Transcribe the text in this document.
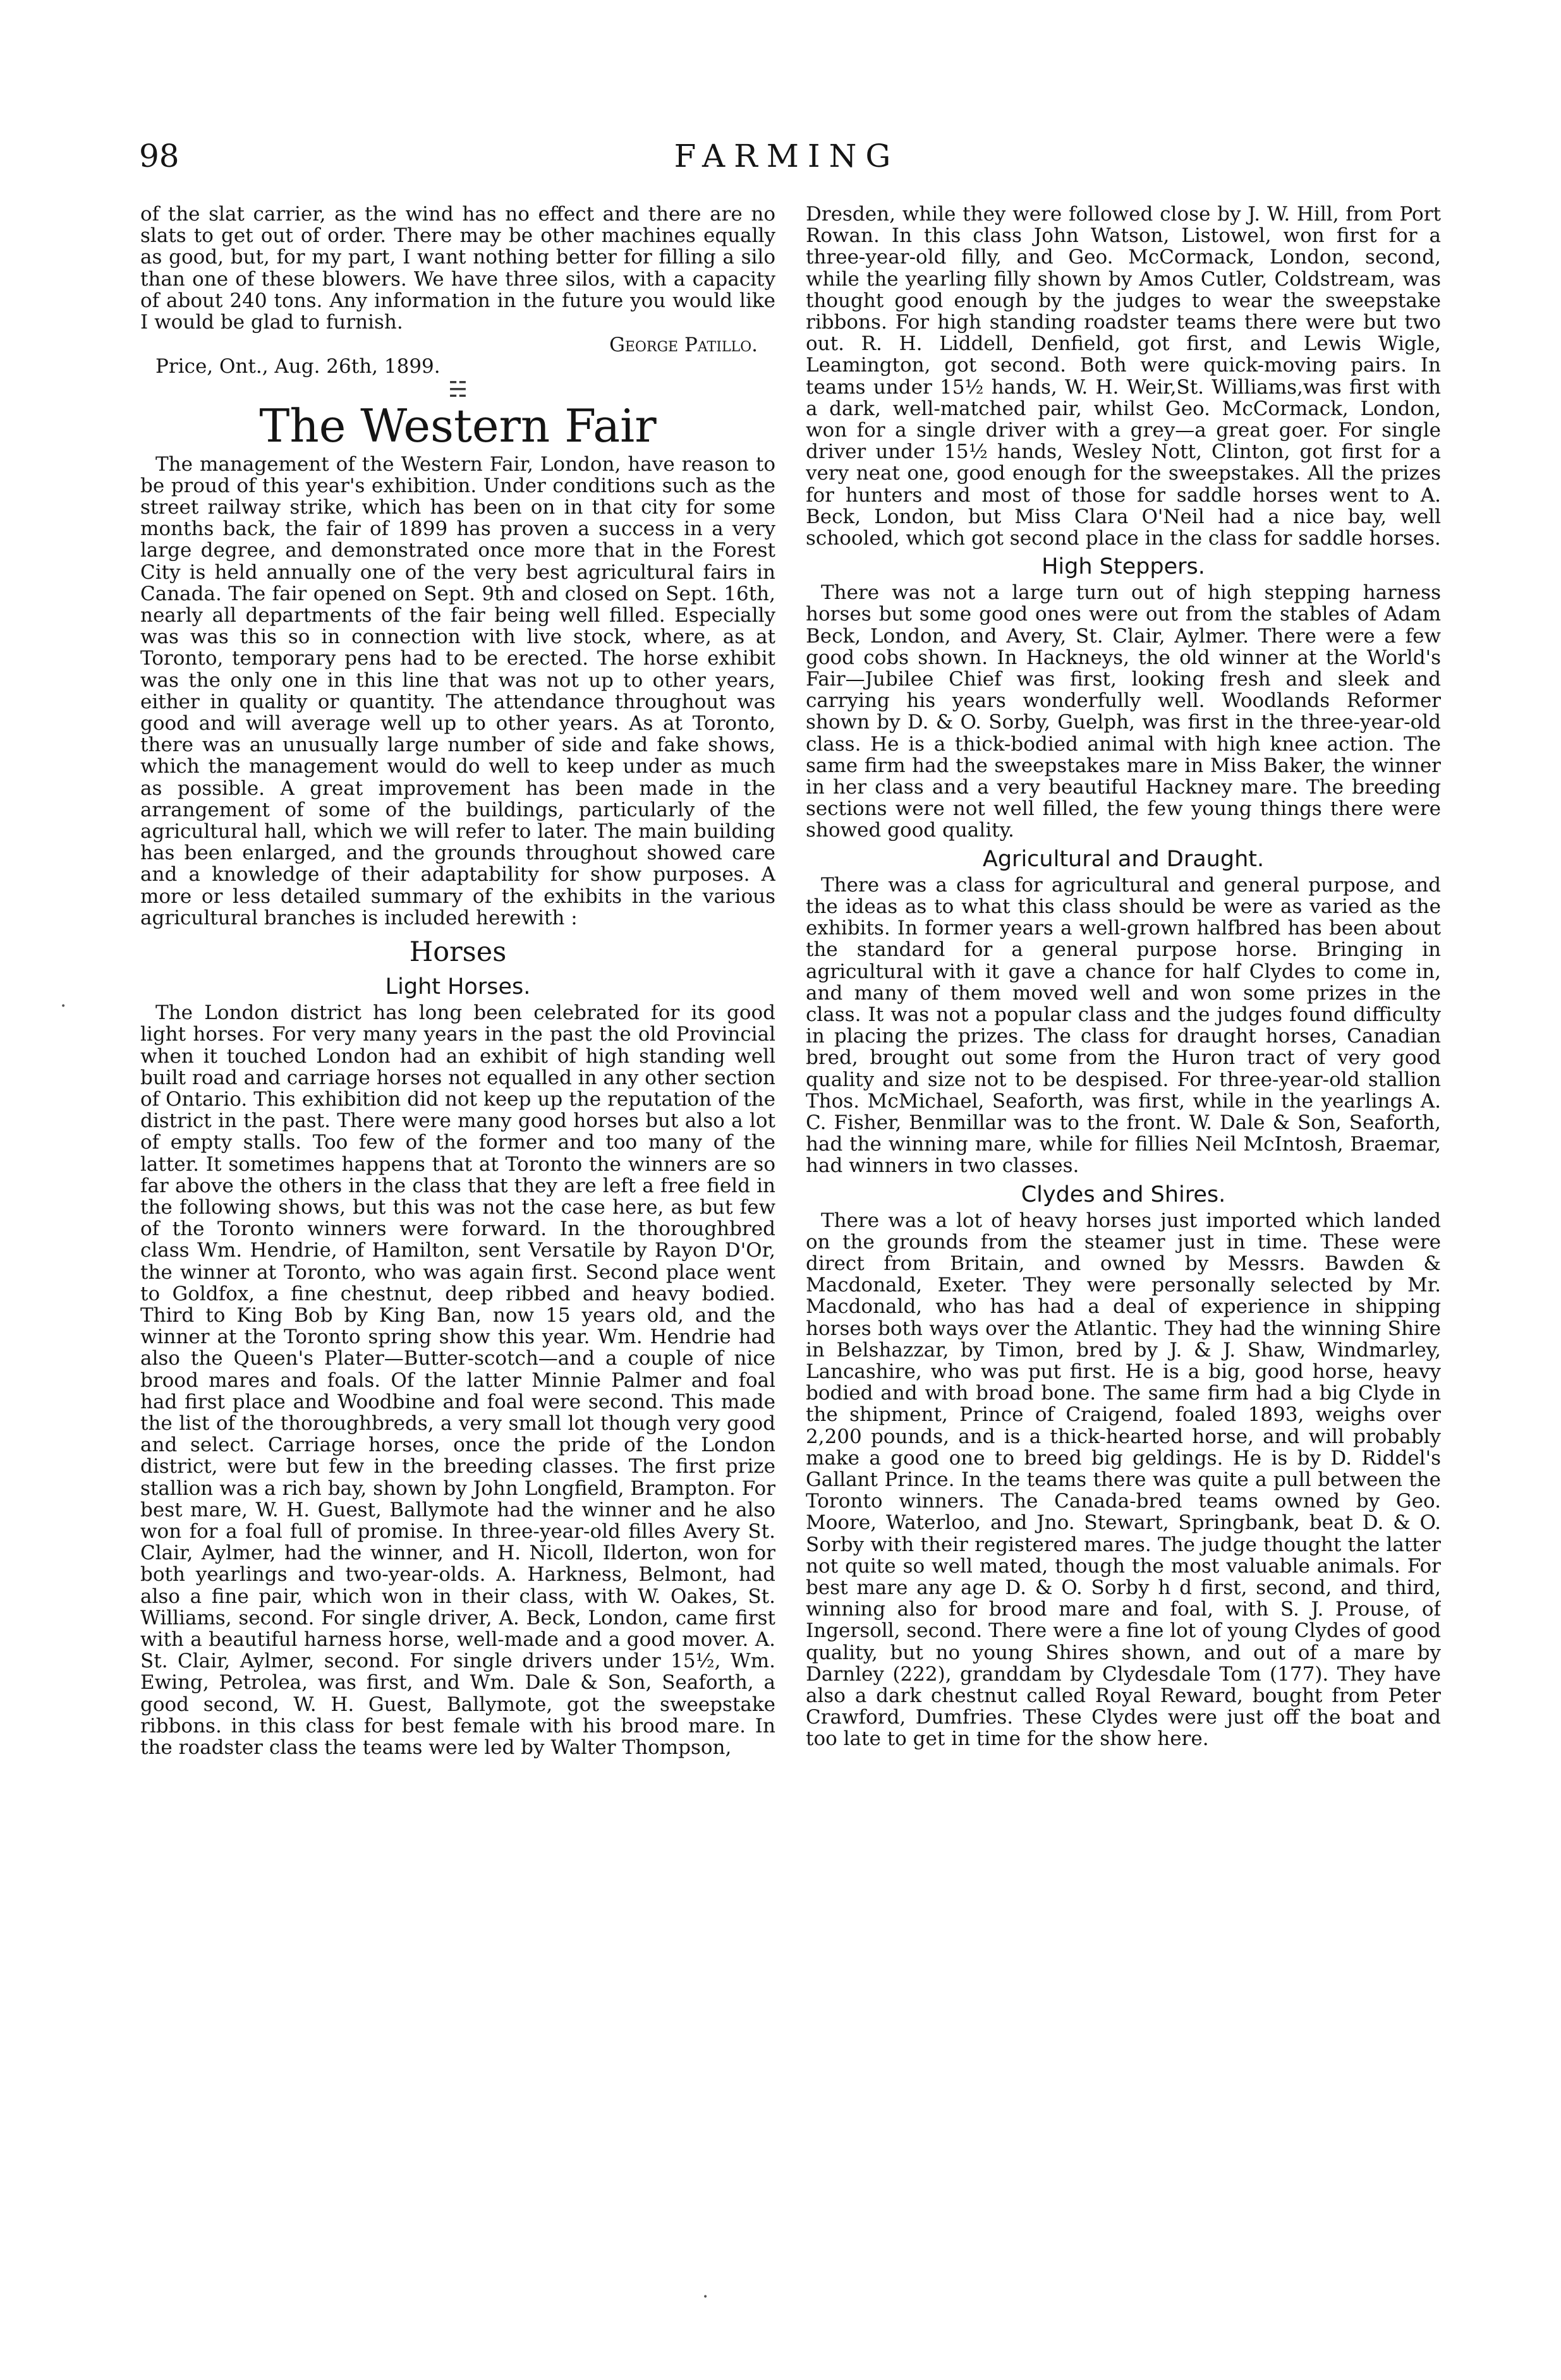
98	FARMING

of the slat carrier, as the wind has no effect and there are no slats to get out of order. There may be other machines equally as good, but, for my part, I want nothing better for filling a silo than one of these blowers. We have three silos, with a capacity of about 240 tons. Any information in the future you would like I would be glad to furnish.

George Patillo.
Price, Ont., Aug. 26th, 1899.
☵
The Western Fair

The management of the Western Fair, London, have reason to be proud of this year's exhibition. Under conditions such as the street railway strike, which has been on in that city for some months back, the fair of 1899 has proven a success in a very large degree, and demonstrated once more that in the Forest City is held annually one of the very best agricultural fairs in Canada. The fair opened on Sept. 9th and closed on Sept. 16th, nearly all departments of the fair being well filled. Especially was was this so in connection with live stock, where, as at Toronto, temporary pens had to be erected. The horse exhibit was the only one in this line that was not up to other years, either in quality or quantity. The attendance throughout was good and will average well up to other years. As at Toronto, there was an unusually large number of side and fake shows, which the management would do well to keep under as much as possible. A great improvement has been made in the arrangement of some of the buildings, particularly of the agricultural hall, which we will refer to later. The main building has been enlarged, and the grounds throughout showed care and a knowledge of their adaptability for show purposes. A more or less detailed summary of the exhibits in the various agricultural branches is included herewith :

Horses
Light Horses.

The London district has long been celebrated for its good light horses. For very many years in the past the old Provincial when it touched London had an exhibit of high standing well built road and carriage horses not equalled in any other section of Ontario. This exhibition did not keep up the reputation of the district in the past. There were many good horses but also a lot of empty stalls. Too few of the former and too many of the latter. It sometimes happens that at Toronto the winners are so far above the others in the class that they are left a free field in the following shows, but this was not the case here, as but few of the Toronto winners were forward. In the thoroughbred class Wm. Hendrie, of Hamilton, sent Versatile by Rayon D'Or, the winner at Toronto, who was again first. Second place went to Goldfox, a fine chestnut, deep ribbed and heavy bodied. Third to King Bob by King Ban, now 15 years old, and the winner at the Toronto spring show this year. Wm. Hendrie had also the Queen's Plater—Butter-scotch—and a couple of nice brood mares and foals. Of the latter Minnie Palmer and foal had first place and Woodbine and foal were second. This made the list of the thoroughbreds, a very small lot though very good and select. Carriage horses, once the pride of the London district, were but few in the breeding classes. The first prize stallion was a rich bay, shown by John Longfield, Brampton. For best mare, W. H. Guest, Ballymote had the winner and he also won for a foal full of promise. In three-year-old filles Avery St. Clair, Aylmer, had the winner, and H. Nicoll, Ilderton, won for both yearlings and two-year-olds. A. Harkness, Belmont, had also a fine pair, which won in their class, with W. Oakes, St. Williams, second. For single driver, A. Beck, London, came first with a beautiful harness horse, well-made and a good mover. A. St. Clair, Aylmer, second. For single drivers under 15½, Wm. Ewing, Petrolea, was first, and Wm. Dale & Son, Seaforth, a good second, W. H. Guest, Ballymote, got the sweepstake ribbons. in this class for best female with his brood mare. In the roadster class the teams were led by Walter Thompson,

Dresden, while they were followed close by J. W. Hill, from Port Rowan. In this class John Watson, Listowel, won first for a three-year-old filly, and Geo. McCormack, London, second, while the yearling filly shown by Amos Cutler, Coldstream, was thought good enough by the judges to wear the sweepstake ribbons. For high standing roadster teams there were but two out. R. H. Liddell, Denfield, got first, and Lewis Wigle, Leamington, got second. Both were quick-moving pairs. In teams under 15½ hands, W. H. Weir,St. Williams,was first with a dark, well-matched pair, whilst Geo. McCormack, London, won for a single driver with a grey—a great goer. For single driver under 15½ hands, Wesley Nott, Clinton, got first for a very neat one, good enough for the sweepstakes. All the prizes for hunters and most of those for saddle horses went to A. Beck, London, but Miss Clara O'Neil had a nice bay, well schooled, which got second place in the class for saddle horses.

High Steppers.

There was not a large turn out of high stepping harness horses but some good ones were out from the stables of Adam Beck, London, and Avery, St. Clair, Aylmer. There were a few good cobs shown. In Hackneys, the old winner at the World's Fair—Jubilee Chief was first, looking fresh and sleek and carrying his years wonderfully well. Woodlands Reformer shown by D. & O. Sorby, Guelph, was first in the three-year-old class. He is a thick-bodied animal with high knee action. The same firm had the sweepstakes mare in Miss Baker, the winner in her class and a very beautiful Hackney mare. The breeding sections were not well filled, the few young things there were showed good quality.

Agricultural and Draught.

There was a class for agricultural and general purpose, and the ideas as to what this class should be were as varied as the exhibits. In former years a well-grown halfbred has been about the standard for a general purpose horse. Bringing in agricultural with it gave a chance for half Clydes to come in, and many of them moved well and won some prizes in the class. It was not a popular class and the judges found difficulty in placing the prizes. The class for draught horses, Canadian bred, brought out some from the Huron tract of very good quality and size not to be despised. For three-year-old stallion Thos. McMichael, Seaforth, was first, while in the yearlings A. C. Fisher, Benmillar was to the front. W. Dale & Son, Seaforth, had the winning mare, while for fillies Neil McIntosh, Braemar, had winners in two classes.

Clydes and Shires.

There was a lot of heavy horses just imported which landed on the grounds from the steamer just in time. These were direct from Britain, and owned by Messrs. Bawden & Macdonald, Exeter. They were personally selected by Mr. Macdonald, who has had a deal of experience in shipping horses both ways over the Atlantic. They had the winning Shire in Belshazzar, by Timon, bred by J. & J. Shaw, Windmarley, Lancashire, who was put first. He is a big, good horse, heavy bodied and with broad bone. The same firm had a big Clyde in the shipment, Prince of Craigend, foaled 1893, weighs over 2,200 pounds, and is a thick-hearted horse, and will probably make a good one to breed big geldings. He is by D. Riddel's Gallant Prince. In the teams there was quite a pull between the Toronto winners. The Canada-bred teams owned by Geo. Moore, Waterloo, and Jno. Stewart, Springbank, beat D. & O. Sorby with their registered mares. The judge thought the latter not quite so well mated, though the most valuable animals. For best mare any age D. & O. Sorby h d first, second, and third, winning also for brood mare and foal, with S. J. Prouse, of Ingersoll, second. There were a fine lot of young Clydes of good quality, but no young Shires shown, and out of a mare by Darnley (222), granddam by Clydesdale Tom (177). They have also a dark chestnut called Royal Reward, bought from Peter Crawford, Dumfries. These Clydes were just off the boat and too late to get in time for the show here.

•
•
